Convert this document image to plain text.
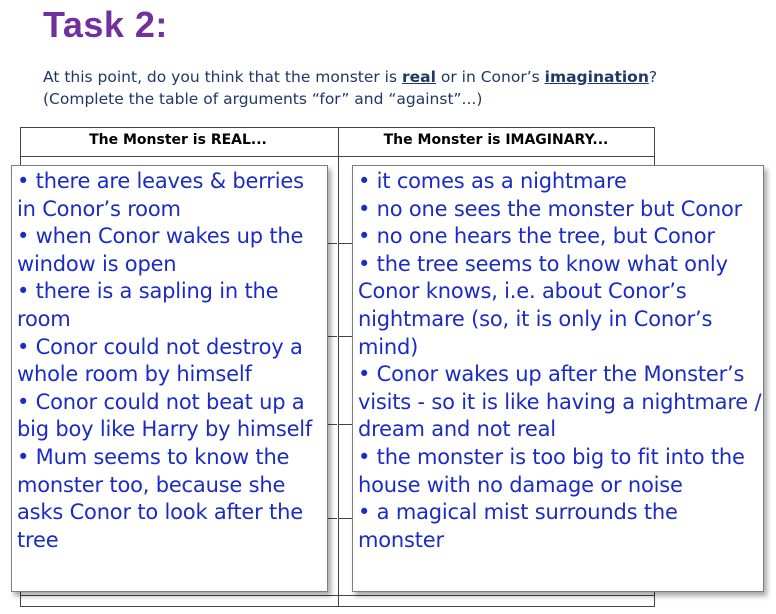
Task 2:
At this point, do you think that the monster is real or in Conor’s imagination?
(Complete the table of arguments “for” and “against”...)
The Monster is REAL...	The Monster is IMAGINARY...
• there are leaves & berries in Conor’s room
• when Conor wakes up the window is open
• there is a sapling in the room
• Conor could not destroy a whole room by himself
• Conor could not beat up a big boy like Harry by himself
• Mum seems to know the monster too, because she asks Conor to look after the tree
• it comes as a nightmare
• no one sees the monster but Conor
• no one hears the tree, but Conor
• the tree seems to know what only Conor knows, i.e. about Conor’s nightmare (so, it is only in Conor’s mind)
• Conor wakes up after the Monster’s visits - so it is like having a nightmare / dream and not real
• the monster is too big to fit into the house with no damage or noise
• a magical mist surrounds the monster
